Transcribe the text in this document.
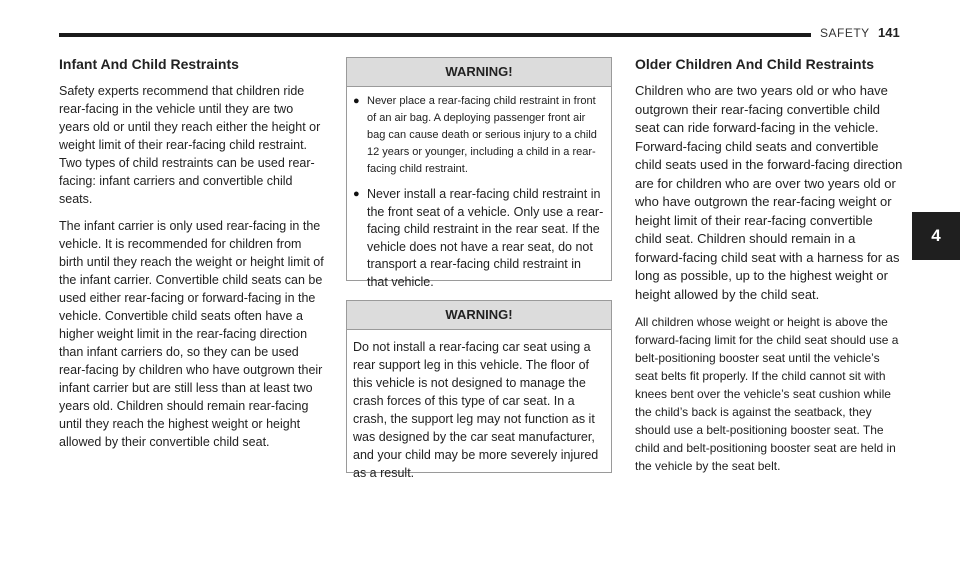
SAFETY 141
4
Infant And Child Restraints

Safety experts recommend that children ride rear-facing in the vehicle until they are two years old or until they reach either the height or weight limit of their rear-facing child restraint. Two types of child restraints can be used rear-facing: infant carriers and convertible child seats.

The infant carrier is only used rear-facing in the vehicle. It is recommended for children from birth until they reach the weight or height limit of the infant carrier. Convertible child seats can be used either rear-facing or forward-facing in the vehicle. Convertible child seats often have a higher weight limit in the rear-facing direction than infant carriers do, so they can be used rear-facing by children who have outgrown their infant carrier but are still less than at least two years old. Children should remain rear-facing until they reach the highest weight or height allowed by their convertible child seat.

WARNING!
● Never place a rear-facing child restraint in front of an air bag. A deploying passenger front air bag can cause death or serious injury to a child 12 years or younger, including a child in a rear-facing child restraint.
● Never install a rear-facing child restraint in the front seat of a vehicle. Only use a rear-facing child restraint in the rear seat. If the vehicle does not have a rear seat, do not transport a rear-facing child restraint in that vehicle.
WARNING!

Do not install a rear-facing car seat using a rear support leg in this vehicle. The floor of this vehicle is not designed to manage the crash forces of this type of car seat. In a crash, the support leg may not function as it was designed by the car seat manufacturer, and your child may be more severely injured as a result.

Older Children And Child Restraints

Children who are two years old or who have outgrown their rear-facing convertible child seat can ride forward-facing in the vehicle. Forward-facing child seats and convertible child seats used in the forward-facing direction are for children who are over two years old or who have outgrown the rear-facing weight or height limit of their rear-facing convertible child seat. Children should remain in a forward-facing child seat with a harness for as long as possible, up to the highest weight or height allowed by the child seat.

All children whose weight or height is above the forward-facing limit for the child seat should use a belt-positioning booster seat until the vehicle’s seat belts fit properly. If the child cannot sit with knees bent over the vehicle’s seat cushion while the child’s back is against the seatback, they should use a belt-positioning booster seat. The child and belt-positioning booster seat are held in the vehicle by the seat belt.
